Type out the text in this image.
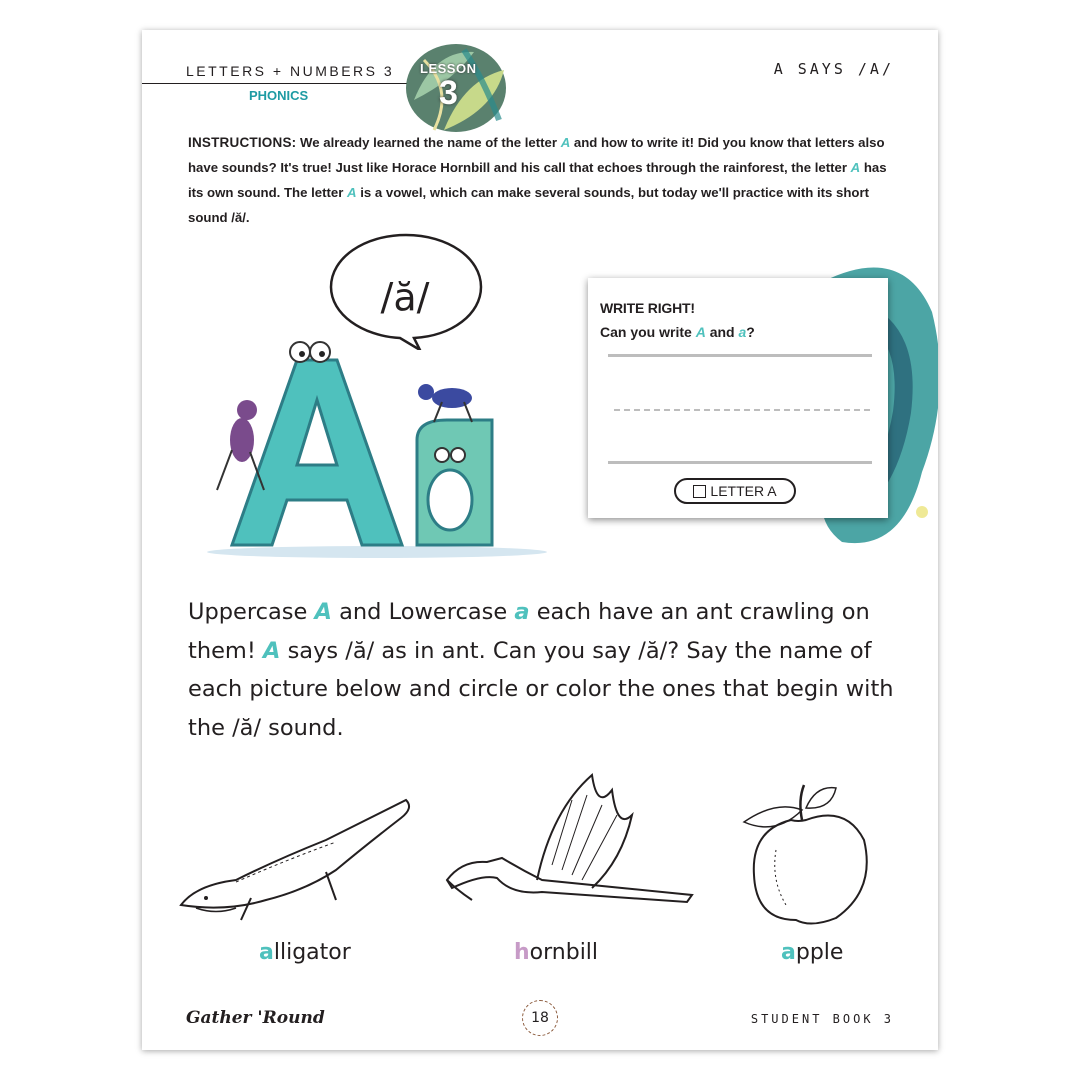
LETTERS + NUMBERS 3
PHONICS
LESSON
3
A SAYS /A/
INSTRUCTIONS: We already learned the name of the letter A and how to write it! Did you know that letters also have sounds? It's true! Just like Horace Hornbill and his call that echoes through the rainforest, the letter A has its own sound. The letter A is a vowel, which can make several sounds, but today we'll practice with its short sound /ă/.
/ă/	WRITE RIGHT!
Can you write A and a?
LETTER A
Uppercase A and Lowercase a each have an ant crawling on them! A says /ă/ as in ant. Can you say /ă/? Say the name of each picture below and circle or color the ones that begin with the /ă/ sound.
alligator	hornbill	apple
Gather 'Round	18	STUDENT BOOK 3
